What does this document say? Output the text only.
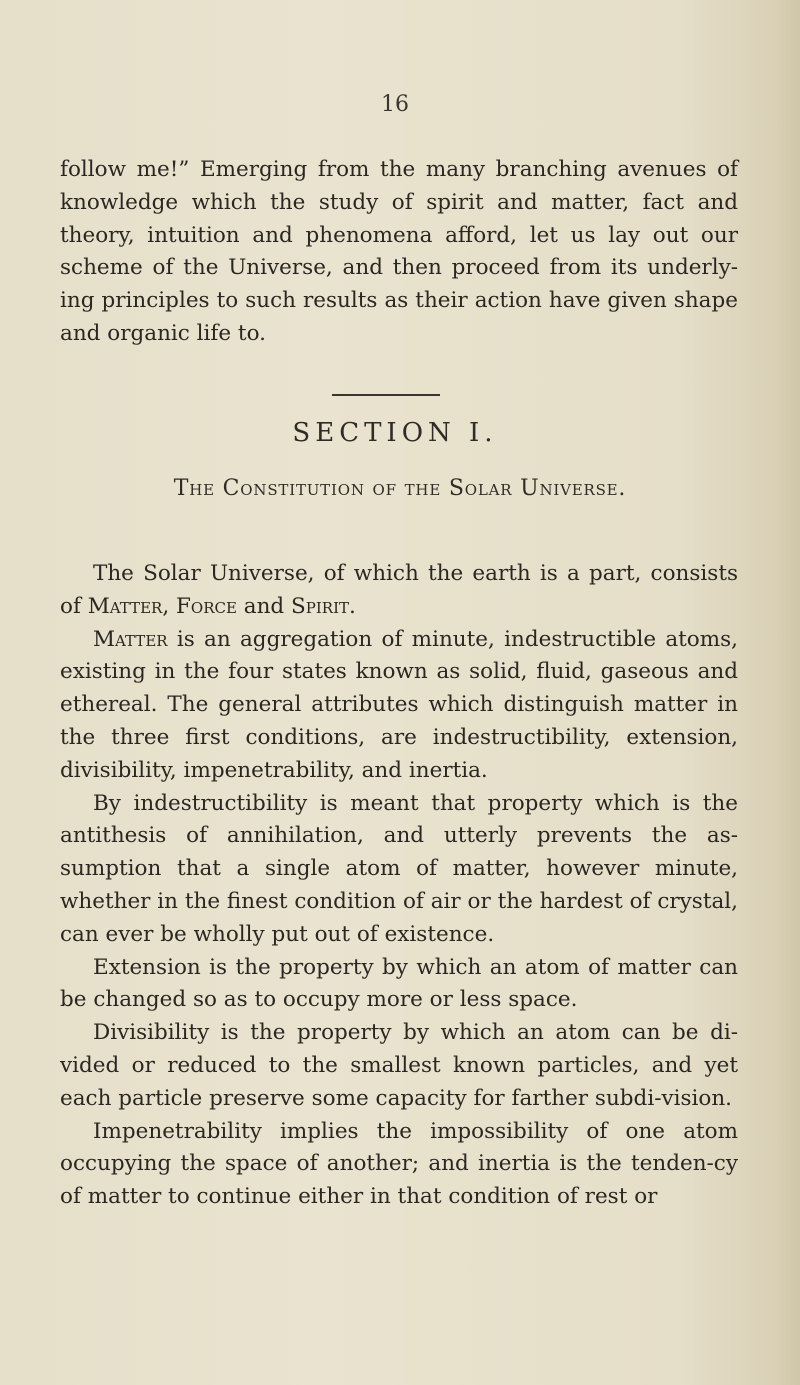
16

follow me!” Emerging from the many branching avenues of knowledge which the study of spirit and matter, fact and theory, intuition and phenomena afford, let us lay out our scheme of the Universe, and then proceed from its underly-ing principles to such results as their action have given shape and organic life to.

SECTION I.
The Constitution of the Solar Universe.

The Solar Universe, of which the earth is a part, consists of Matter, Force and Spirit.

Matter is an aggregation of minute, indestructible atoms, existing in the four states known as solid, fluid, gaseous and ethereal. The general attributes which distinguish matter in the three first conditions, are indestructibility, extension, divisibility, impenetrability, and inertia.

By indestructibility is meant that property which is the antithesis of annihilation, and utterly prevents the as-sumption that a single atom of matter, however minute, whether in the finest condition of air or the hardest of crystal, can ever be wholly put out of existence.

Extension is the property by which an atom of matter can be changed so as to occupy more or less space.

Divisibility is the property by which an atom can be di-vided or reduced to the smallest known particles, and yet each particle preserve some capacity for farther subdi-vision.

Impenetrability implies the impossibility of one atom occupying the space of another; and inertia is the tenden-cy of matter to continue either in that condition of rest or
